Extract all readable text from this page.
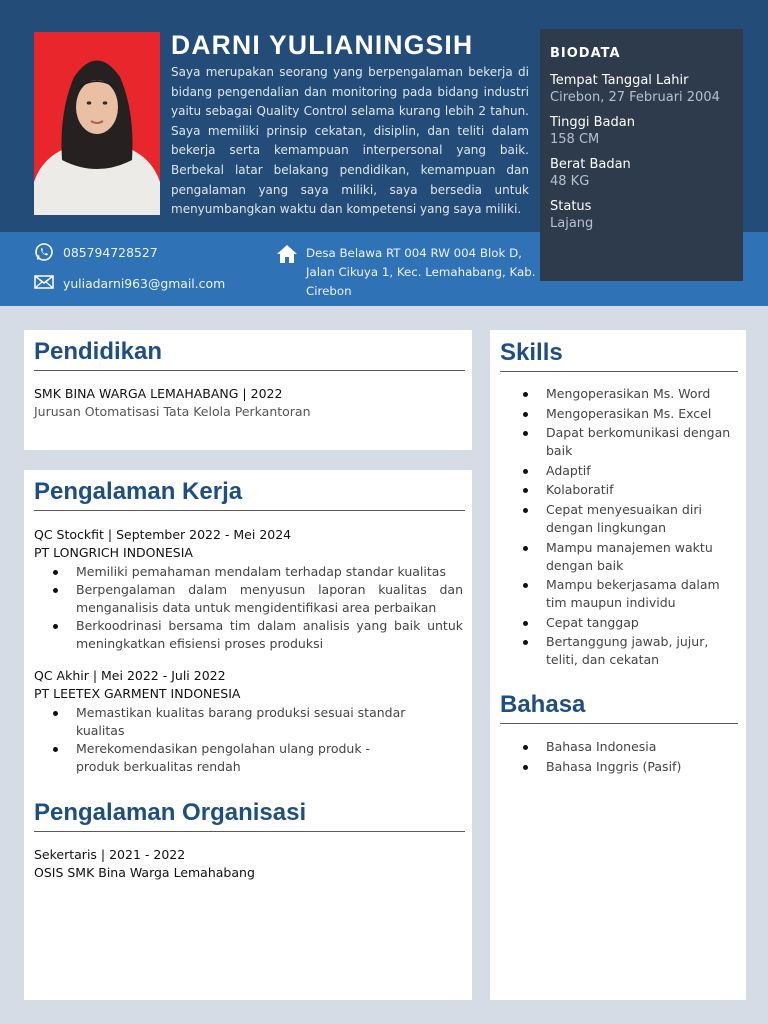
DARNI YULIANINGSIH
Saya merupakan seorang yang berpengalaman bekerja di bidang pengendalian dan monitoring pada bidang industri yaitu sebagai Quality Control selama kurang lebih 2 tahun. Saya memiliki prinsip cekatan, disiplin, dan teliti dalam bekerja serta kemampuan interpersonal yang baik. Berbekal latar belakang pendidikan, kemampuan dan pengalaman yang saya miliki, saya bersedia untuk menyumbangkan waktu dan kompetensi yang saya miliki.
085794728527
yuliadarni963@gmail.com
Desa Belawa RT 004 RW 004 Blok D, Jalan Cikuya 1, Kec. Lemahabang, Kab. Cirebon
BIODATA
Tempat Tanggal Lahir
Cirebon, 27 Februari 2004
Tinggi Badan
158 CM
Berat Badan
48 KG
Status
Lajang
Pendidikan
SMK BINA WARGA LEMAHABANG | 2022
Jurusan Otomatisasi Tata Kelola Perkantoran
Pengalaman Kerja
QC Stockfit | September 2022 - Mei 2024
PT LONGRICH INDONESIA
Memiliki pemahaman mendalam terhadap standar kualitas
Berpengalaman dalam menyusun laporan kualitas dan menganalisis data untuk mengidentifikasi area perbaikan
Berkoodrinasi bersama tim dalam analisis yang baik untuk meningkatkan efisiensi proses produksi
QC Akhir | Mei 2022 - Juli 2022
PT LEETEX GARMENT INDONESIA
Memastikan kualitas barang produksi sesuai standar kualitas
Merekomendasikan pengolahan ulang produk - produk berkualitas rendah
Pengalaman Organisasi
Sekertaris | 2021 - 2022
OSIS SMK Bina Warga Lemahabang
Skills
Mengoperasikan Ms. Word
Mengoperasikan Ms. Excel
Dapat berkomunikasi dengan baik
Adaptif
Kolaboratif
Cepat menyesuaikan diri dengan lingkungan
Mampu manajemen waktu dengan baik
Mampu bekerjasama dalam tim maupun individu
Cepat tanggap
Bertanggung jawab, jujur, teliti, dan cekatan
Bahasa
Bahasa Indonesia
Bahasa Inggris (Pasif)
